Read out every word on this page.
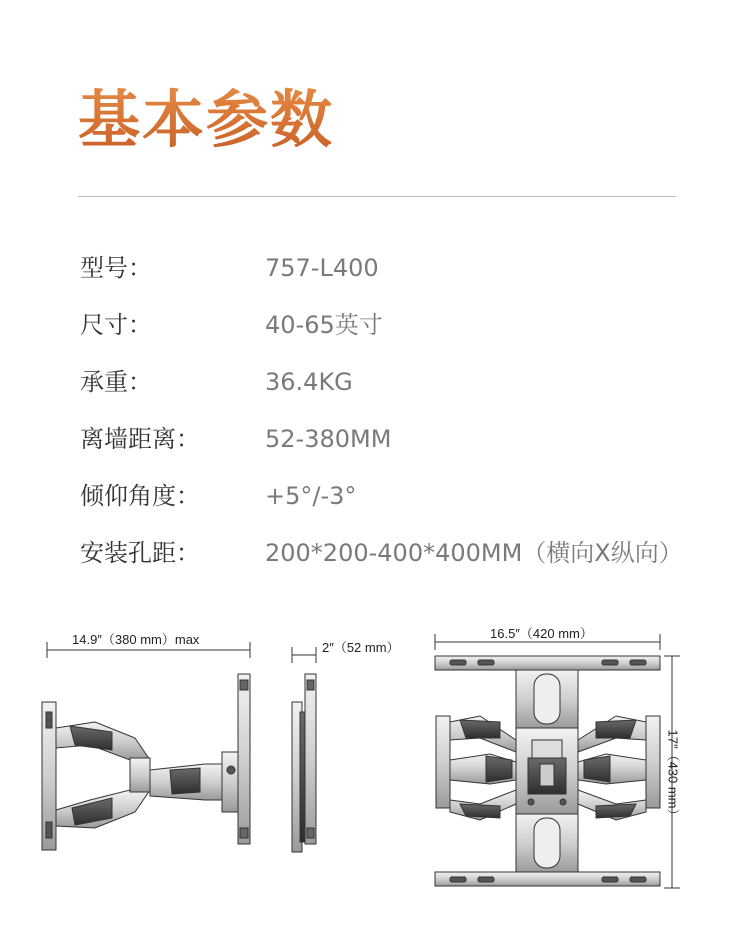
基本参数
型号：	757-L400
尺寸：	40-65英寸
承重：	36.4KG
离墙距离：	52-380MM
倾仰角度：	+5°/-3°
安装孔距：	200*200-400*400MM（横向X纵向）
14.9″（380 mm）max
2″（52 mm）
16.5″（420 mm）
17″（430 mm）
